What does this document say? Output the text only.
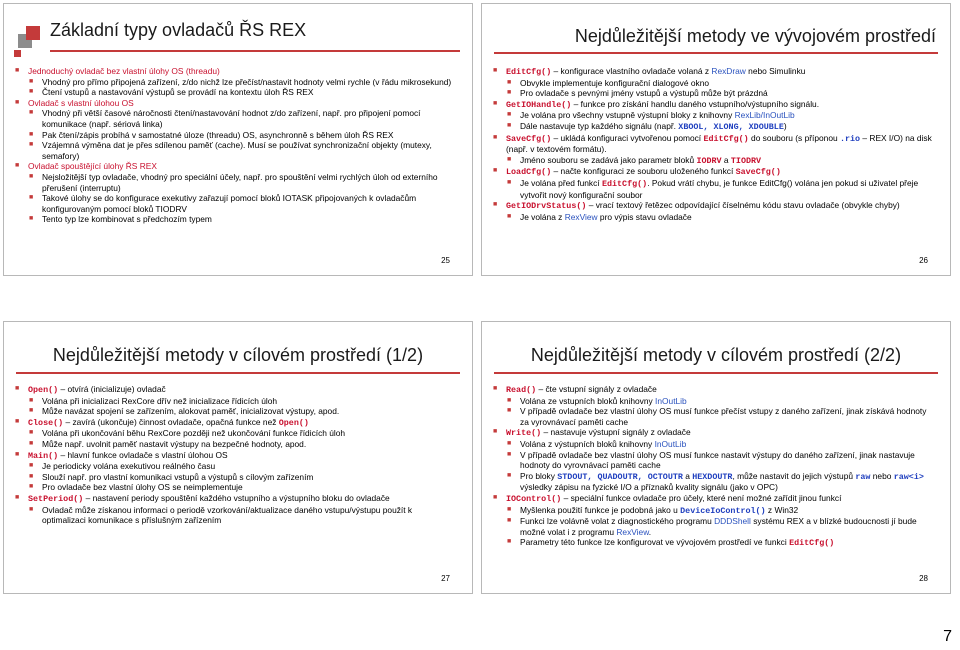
Základní typy ovladačů ŘS REX
■ Jednoduchý ovladač bez vlastní úlohy OS (threadu)
■ Vhodný pro přímo připojená zařízení, z/do nichž lze přečíst/nastavit hodnoty velmi rychle (v řádu mikrosekund)
■ Čtení vstupů a nastavování výstupů se provádí na kontextu úloh ŘS REX
■ Ovladač s vlastní úlohou OS
■ Vhodný při větší časové náročnosti čtení/nastavování hodnot z/do zařízení, např. pro připojení pomocí komunikace (např. sériová linka)
■ Pak čtení/zápis probíhá v samostatné úloze (threadu) OS, asynchronně s během úloh ŘS REX
■ Vzájemná výměna dat je přes sdílenou paměť (cache). Musí se používat synchronizační objekty (mutexy, semafory)
■ Ovladač spouštějící úlohy ŘS REX
■ Nejsložitější typ ovladače, vhodný pro speciální účely, např. pro spouštění velmi rychlých úloh od externího přerušení (interruptu)
■ Takové úlohy se do konfigurace exekutivy zařazují pomocí bloků IOTASK připojovaných k ovladačům konfigurovaným pomocí bloků TIODRV
■ Tento typ lze kombinovat s předchozím typem
25
Nejdůležitější metody ve vývojovém prostředí
■ EditCfg() – konfigurace vlastního ovladače volaná z RexDraw nebo Simulinku
■ Obvykle implementuje konfigurační dialogové okno
■ Pro ovladače s pevnými jmény vstupů a výstupů může být prázdná
■ GetIOHandle() – funkce pro získání handlu daného vstupního/výstupního signálu.
■ Je volána pro všechny vstupně výstupní bloky z knihovny RexLib/InOutLib
■ Dále nastavuje typ každého signálu (např. XBOOL, XLONG, XDOUBLE)
■ SaveCfg() – ukládá konfiguraci vytvořenou pomocí EditCfg() do souboru (s příponou .rio – REX I/O) na disk (např. v textovém formátu).
■ Jméno souboru se zadává jako parametr bloků IODRV a TIODRV
■ LoadCfg() – načte konfiguraci ze souboru uloženého funkcí SaveCfg()
■ Je volána před funkcí EditCfg(). Pokud vrátí chybu, je funkce EditCfg() volána jen pokud si uživatel přeje vytvořit nový konfigurační soubor
■ GetIODrvStatus() – vrací textový řetězec odpovídající číselnému kódu stavu ovladače (obvykle chyby)
■ Je volána z RexView pro výpis stavu ovladače
26
Nejdůležitější metody v cílovém prostředí (1/2)
■ Open() – otvírá (inicializuje) ovladač
■ Volána při inicializaci RexCore dřív než inicializace řídicích úloh
■ Může navázat spojení se zařízením, alokovat paměť, inicializovat výstupy, apod.
■ Close() – zavírá (ukončuje) činnost ovladače, opačná funkce než Open()
■ Volána při ukončování běhu RexCore později než ukončování funkce řídicích úloh
■ Může např. uvolnit paměť nastavit výstupy na bezpečné hodnoty, apod.
■ Main() – hlavní funkce ovladače s vlastní úlohou OS
■ Je periodicky volána exekutivou reálného času
■ Slouží např. pro vlastní komunikaci vstupů a výstupů s cílovým zařízením
■ Pro ovladače bez vlastní úlohy OS se neimplementuje
■ SetPeriod() – nastavení periody spouštění každého vstupního a výstupního bloku do ovladače
■ Ovladač může získanou informaci o periodě vzorkování/aktualizace daného vstupu/výstupu použít k optimalizaci komunikace s příslušným zařízením
27
Nejdůležitější metody v cílovém prostředí (2/2)
■ Read() – čte vstupní signály z ovladače
■ Volána ze vstupních bloků knihovny InOutLib
■ V případě ovladače bez vlastní úlohy OS musí funkce přečíst vstupy z daného zařízení, jinak získává hodnoty za vyrovnávací paměti cache
■ Write() – nastavuje výstupní signály z ovladače
■ Volána z výstupních bloků knihovny InOutLib
■ V případě ovladače bez vlastní úlohy OS musí funkce nastavit výstupy do daného zařízení, jinak nastavuje hodnoty do vyrovnávací paměti cache
■ Pro bloky STDOUT, QUADOUTR, OCTOUTR a HEXDOUTR, může nastavit do jejich výstupů raw nebo raw<i> výsledky zápisu na fyzické I/O a příznaků kvality signálu (jako v OPC)
■ IOControl() – speciální funkce ovladače pro účely, které není možné zařídit jinou funkcí
■ Myšlenka použití funkce je podobná jako u DeviceIoControl() z Win32
■ Funkci lze volávně volat z diagnostického programu DDDShell systému REX a v blízké budoucnosti jí bude možné volat i z programu RexView.
■ Parametry této funkce lze konfigurovat ve vývojovém prostředí ve funkci EditCfg()
28
7
